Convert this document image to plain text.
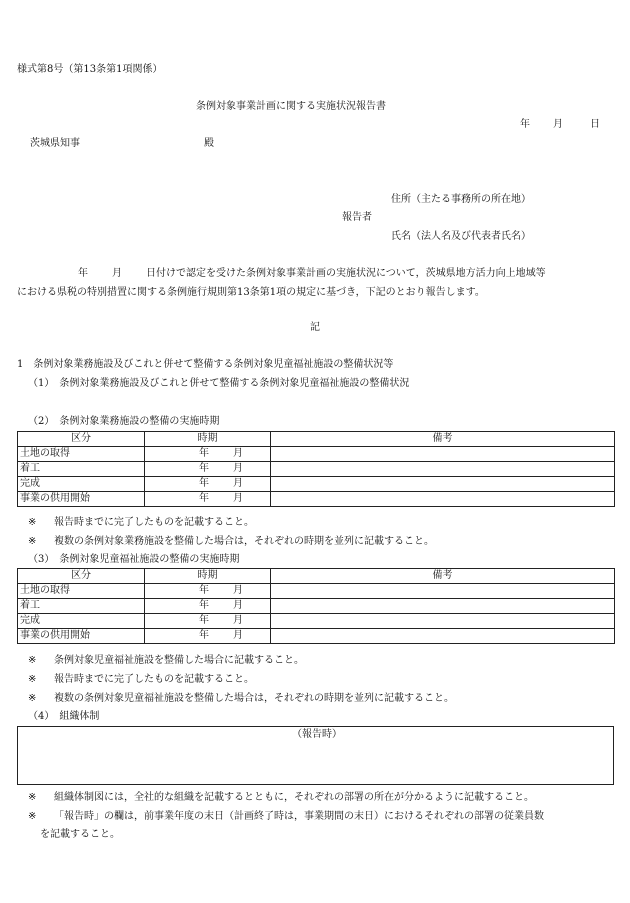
様式第8号（第13条第1項関係）
条例対象事業計画に関する実施状況報告書
年 月	日
茨城県知事	殿
住所（主たる事務所の所在地）
報告者
氏名（法人名及び代表者氏名）
年 月 日付けで認定を受けた条例対象事業計画の実施状況について，茨城県地方活力向上地域等
における県税の特別措置に関する条例施行規則第13条第1項の規定に基づき，下記のとおり報告します。
記
1　条例対象業務施設及びこれと併せて整備する条例対象児童福祉施設の整備状況等
（1）　条例対象業務施設及びこれと併せて整備する条例対象児童福祉施設の整備状況
（2）　条例対象業務施設の整備の実施時期
区分	時期	備考
土地の取得	年 月	
着工	年 月	
完成	年 月	
事業の供用開始	年 月	
※ 報告時までに完了したものを記載すること。
※ 複数の条例対象業務施設を整備した場合は，それぞれの時期を並列に記載すること。
（3）　条例対象児童福祉施設の整備の実施時期
区分	時期	備考
土地の取得	年 月	
着工	年 月	
完成	年 月	
事業の供用開始	年 月	
※ 条例対象児童福祉施設を整備した場合に記載すること。
※ 報告時までに完了したものを記載すること。
※ 複数の条例対象児童福祉施設を整備した場合は，それぞれの時期を並列に記載すること。
（4）　組織体制
（報告時）
※ 組織体制図には，全社的な組織を記載するとともに，それぞれの部署の所在が分かるように記載すること。
※ 「報告時」の欄は，前事業年度の末日（計画終了時は，事業期間の末日）におけるそれぞれの部署の従業員数
を記載すること。
